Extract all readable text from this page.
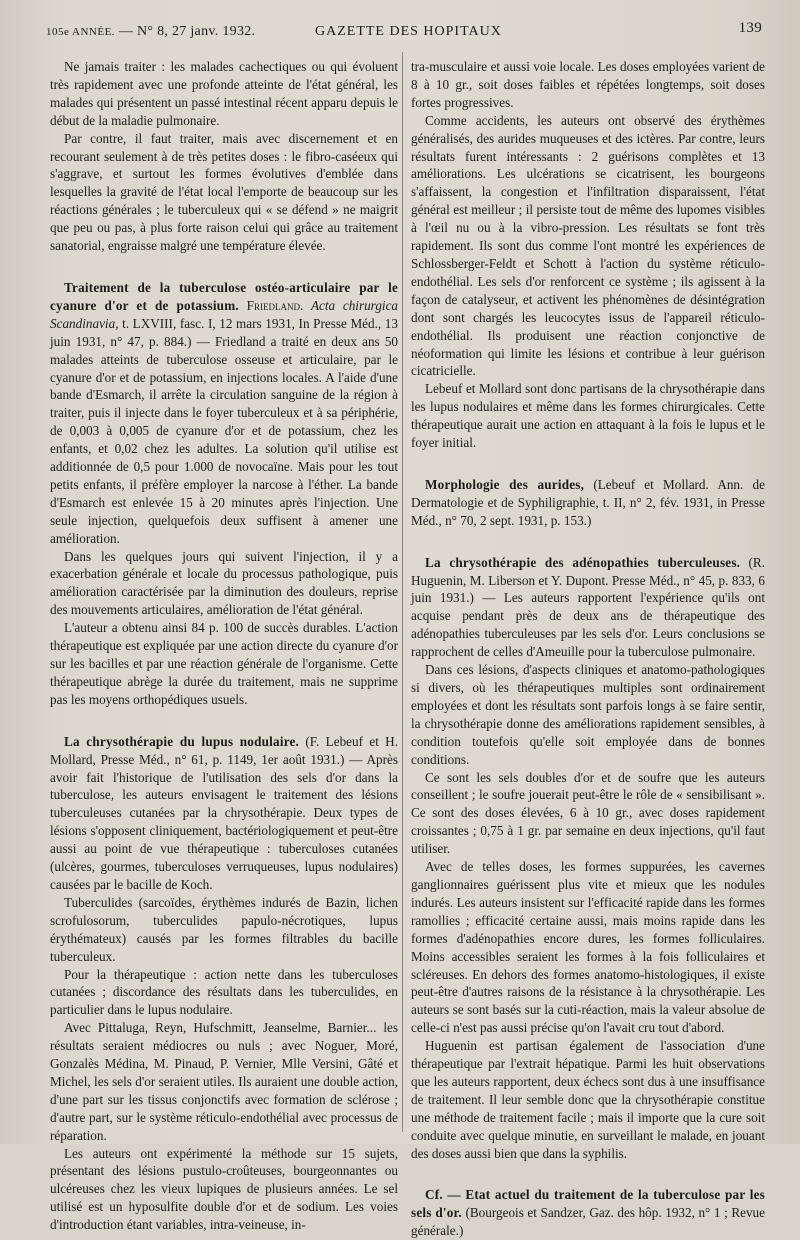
105e ANNÉE. — N° 8, 27 janv. 1932.	GAZETTE DES HOPITAUX	139

Ne jamais traiter : les malades cachectiques ou qui évoluent très rapidement avec une profonde atteinte de l'état général, les malades qui présentent un passé intestinal récent apparu depuis le début de la maladie pulmonaire.

Par contre, il faut traiter, mais avec discernement et en recourant seulement à de très petites doses : le fibro-caséeux qui s'aggrave, et surtout les formes évolutives d'emblée dans lesquelles la gravité de l'état local l'emporte de beaucoup sur les réactions générales ; le tuberculeux qui « se défend » ne maigrit que peu ou pas, à plus forte raison celui qui grâce au traitement sanatorial, engraisse malgré une température élevée.

Traitement de la tuberculose ostéo-articulaire par le cyanure d'or et de potassium. Friedland. Acta chirurgica Scandinavia, t. LXVIII, fasc. I, 12 mars 1931, In Presse Méd., 13 juin 1931, n° 47, p. 884.) — Friedland a traité en deux ans 50 malades atteints de tuberculose osseuse et articulaire, par le cyanure d'or et de potassium, en injections locales. A l'aide d'une bande d'Esmarch, il arrête la circulation sanguine de la région à traiter, puis il injecte dans le foyer tuberculeux et à sa périphérie, de 0,003 à 0,005 de cyanure d'or et de potassium, chez les enfants, et 0,02 chez les adultes. La solution qu'il utilise est additionnée de 0,5 pour 1.000 de novocaïne. Mais pour les tout petits enfants, il préfère employer la narcose à l'éther. La bande d'Esmarch est enlevée 15 à 20 minutes après l'injection. Une seule injection, quelquefois deux suffisent à amener une amélioration.

Dans les quelques jours qui suivent l'injection, il y a exacerbation générale et locale du processus pathologique, puis amélioration caractérisée par la diminution des douleurs, reprise des mouvements articulaires, amélioration de l'état général.

L'auteur a obtenu ainsi 84 p. 100 de succès durables. L'action thérapeutique est expliquée par une action directe du cyanure d'or sur les bacilles et par une réaction générale de l'organisme. Cette thérapeutique abrège la durée du traitement, mais ne supprime pas les moyens orthopédiques usuels.

La chrysothérapie du lupus nodulaire. (F. Lebeuf et H. Mollard, Presse Méd., n° 61, p. 1149, 1er août 1931.) — Après avoir fait l'historique de l'utilisation des sels d'or dans la tuberculose, les auteurs envisagent le traitement des lésions tuberculeuses cutanées par la chrysothérapie. Deux types de lésions s'opposent cliniquement, bactériologiquement et peut-être aussi au point de vue thérapeutique : tuberculoses cutanées (ulcères, gourmes, tuberculoses verruqueuses, lupus nodulaires) causées par le bacille de Koch.

Tuberculides (sarcoïdes, érythèmes indurés de Bazin, lichen scrofulosorum, tuberculides papulo-nécrotiques, lupus érythémateux) causés par les formes filtrables du bacille tuberculeux.

Pour la thérapeutique : action nette dans les tuberculoses cutanées ; discordance des résultats dans les tuberculides, en particulier dans le lupus nodulaire.

Avec Pittaluga, Reyn, Hufschmitt, Jeanselme, Barnier... les résultats seraient médiocres ou nuls ; avec Noguer, Moré, Gonzalès Médina, M. Pinaud, P. Vernier, Mlle Versini, Gâté et Michel, les sels d'or seraient utiles. Ils auraient une double action, d'une part sur les tissus conjonctifs avec formation de sclérose ; d'autre part, sur le système réticulo-endothélial avec processus de réparation.

Les auteurs ont expérimenté la méthode sur 15 sujets, présentant des lésions pustulo-croûteuses, bourgeonnantes ou ulcéreuses chez les vieux lupiques de plusieurs années. Le sel utilisé est un hyposulfite double d'or et de sodium. Les voies d'introduction étant variables, intra-veineuse, in-

tra-musculaire et aussi voie locale. Les doses employées varient de 8 à 10 gr., soit doses faibles et répétées longtemps, soit doses fortes progressives.

Comme accidents, les auteurs ont observé des érythèmes généralisés, des aurides muqueuses et des ictères. Par contre, leurs résultats furent intéressants : 2 guérisons complètes et 13 améliorations. Les ulcérations se cicatrisent, les bourgeons s'affaissent, la congestion et l'infiltration disparaissent, l'état général est meilleur ; il persiste tout de même des lupomes visibles à l'œil nu ou à la vibro-pression. Les résultats se font très rapidement. Ils sont dus comme l'ont montré les expériences de Schlossberger-Feldt et Schott à l'action du système réticulo-endothélial. Les sels d'or renforcent ce système ; ils agissent à la façon de catalyseur, et activent les phénomènes de désintégration dont sont chargés les leucocytes issus de l'appareil réticulo-endothélial. Ils produisent une réaction conjonctive de néoformation qui limite les lésions et contribue à leur guérison cicatricielle.

Lebeuf et Mollard sont donc partisans de la chrysothérapie dans les lupus nodulaires et même dans les formes chirurgicales. Cette thérapeutique aurait une action en attaquant à la fois le lupus et le foyer initial.

Morphologie des aurides, (Lebeuf et Mollard. Ann. de Dermatologie et de Syphiligraphie, t. II, n° 2, fév. 1931, in Presse Méd., n° 70, 2 sept. 1931, p. 153.)

La chrysothérapie des adénopathies tuberculeuses. (R. Huguenin, M. Liberson et Y. Dupont. Presse Méd., n° 45, p. 833, 6 juin 1931.) — Les auteurs rapportent l'expérience qu'ils ont acquise pendant près de deux ans de thérapeutique des adénopathies tuberculeuses par les sels d'or. Leurs conclusions se rapprochent de celles d'Ameuille pour la tuberculose pulmonaire.

Dans ces lésions, d'aspects cliniques et anatomo-pathologiques si divers, où les thérapeutiques multiples sont ordinairement employées et dont les résultats sont parfois longs à se faire sentir, la chrysothérapie donne des améliorations rapidement sensibles, à condition toutefois qu'elle soit employée dans de bonnes conditions.

Ce sont les sels doubles d'or et de soufre que les auteurs conseillent ; le soufre jouerait peut-être le rôle de « sensibilisant ». Ce sont des doses élevées, 6 à 10 gr., avec doses rapidement croissantes ; 0,75 à 1 gr. par semaine en deux injections, qu'il faut utiliser.

Avec de telles doses, les formes suppurées, les cavernes ganglionnaires guérissent plus vite et mieux que les nodules indurés. Les auteurs insistent sur l'efficacité rapide dans les formes ramollies ; efficacité certaine aussi, mais moins rapide dans les formes d'adénopathies encore dures, les formes folliculaires. Moins accessibles seraient les formes à la fois folliculaires et scléreuses. En dehors des formes anatomo-histologiques, il existe peut-être d'autres raisons de la résistance à la chrysothérapie. Les auteurs se sont basés sur la cuti-réaction, mais la valeur absolue de celle-ci n'est pas aussi précise qu'on l'avait cru tout d'abord.

Huguenin est partisan également de l'association d'une thérapeutique par l'extrait hépatique. Parmi les huit observations que les auteurs rapportent, deux échecs sont dus à une insuffisance de traitement. Il leur semble donc que la chrysothérapie constitue une méthode de traitement facile ; mais il importe que la cure soit conduite avec quelque minutie, en surveillant le malade, en jouant des doses aussi bien que dans la syphilis.

Cf. — Etat actuel du traitement de la tuberculose par les sels d'or. (Bourgeois et Sandzer, Gaz. des hôp. 1932, n° 1 ; Revue générale.)
